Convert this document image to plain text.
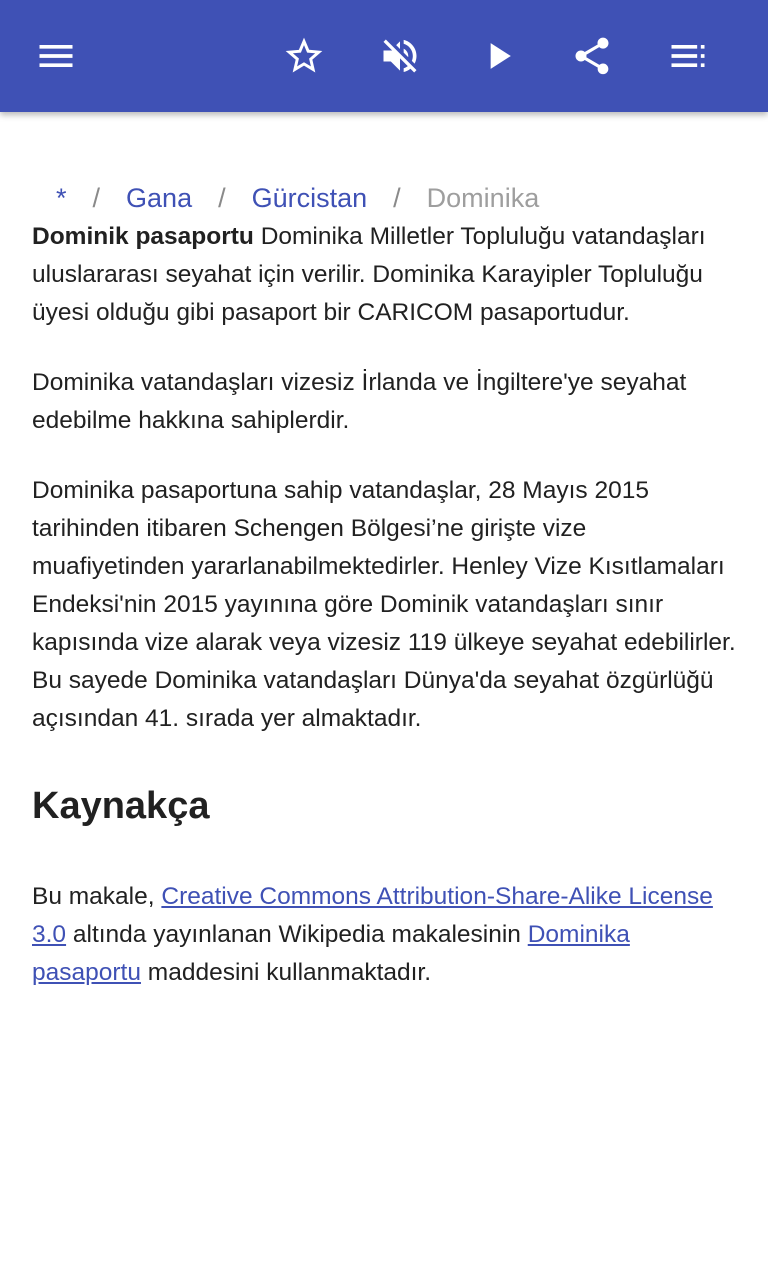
* / Gana / Gürcistan / Dominika

Dominik pasaportu Dominika Milletler Topluluğu vatandaşları uluslararası seyahat için verilir. Dominika Karayipler Topluluğu üyesi olduğu gibi pasaport bir CARICOM pasaportudur.

Dominika vatandaşları vizesiz İrlanda ve İngiltere'ye seyahat edebilme hakkına sahiplerdir.

Dominika pasaportuna sahip vatandaşlar, 28 Mayıs 2015 tarihinden itibaren Schengen Bölgesi’ne girişte vize muafiyetinden yararlanabilmektedirler. Henley Vize Kısıtlamaları Endeksi'nin 2015 yayınına göre Dominik vatandaşları sınır kapısında vize alarak veya vizesiz 119 ülkeye seyahat edebilirler. Bu sayede Dominika vatandaşları Dünya'da seyahat özgürlüğü açısından 41. sırada yer almaktadır.

Kaynakça

Bu makale, Creative Commons Attribution-Share-Alike License 3.0 altında yayınlanan Wikipedia makalesinin Dominika pasaportu maddesini kullanmaktadır.
